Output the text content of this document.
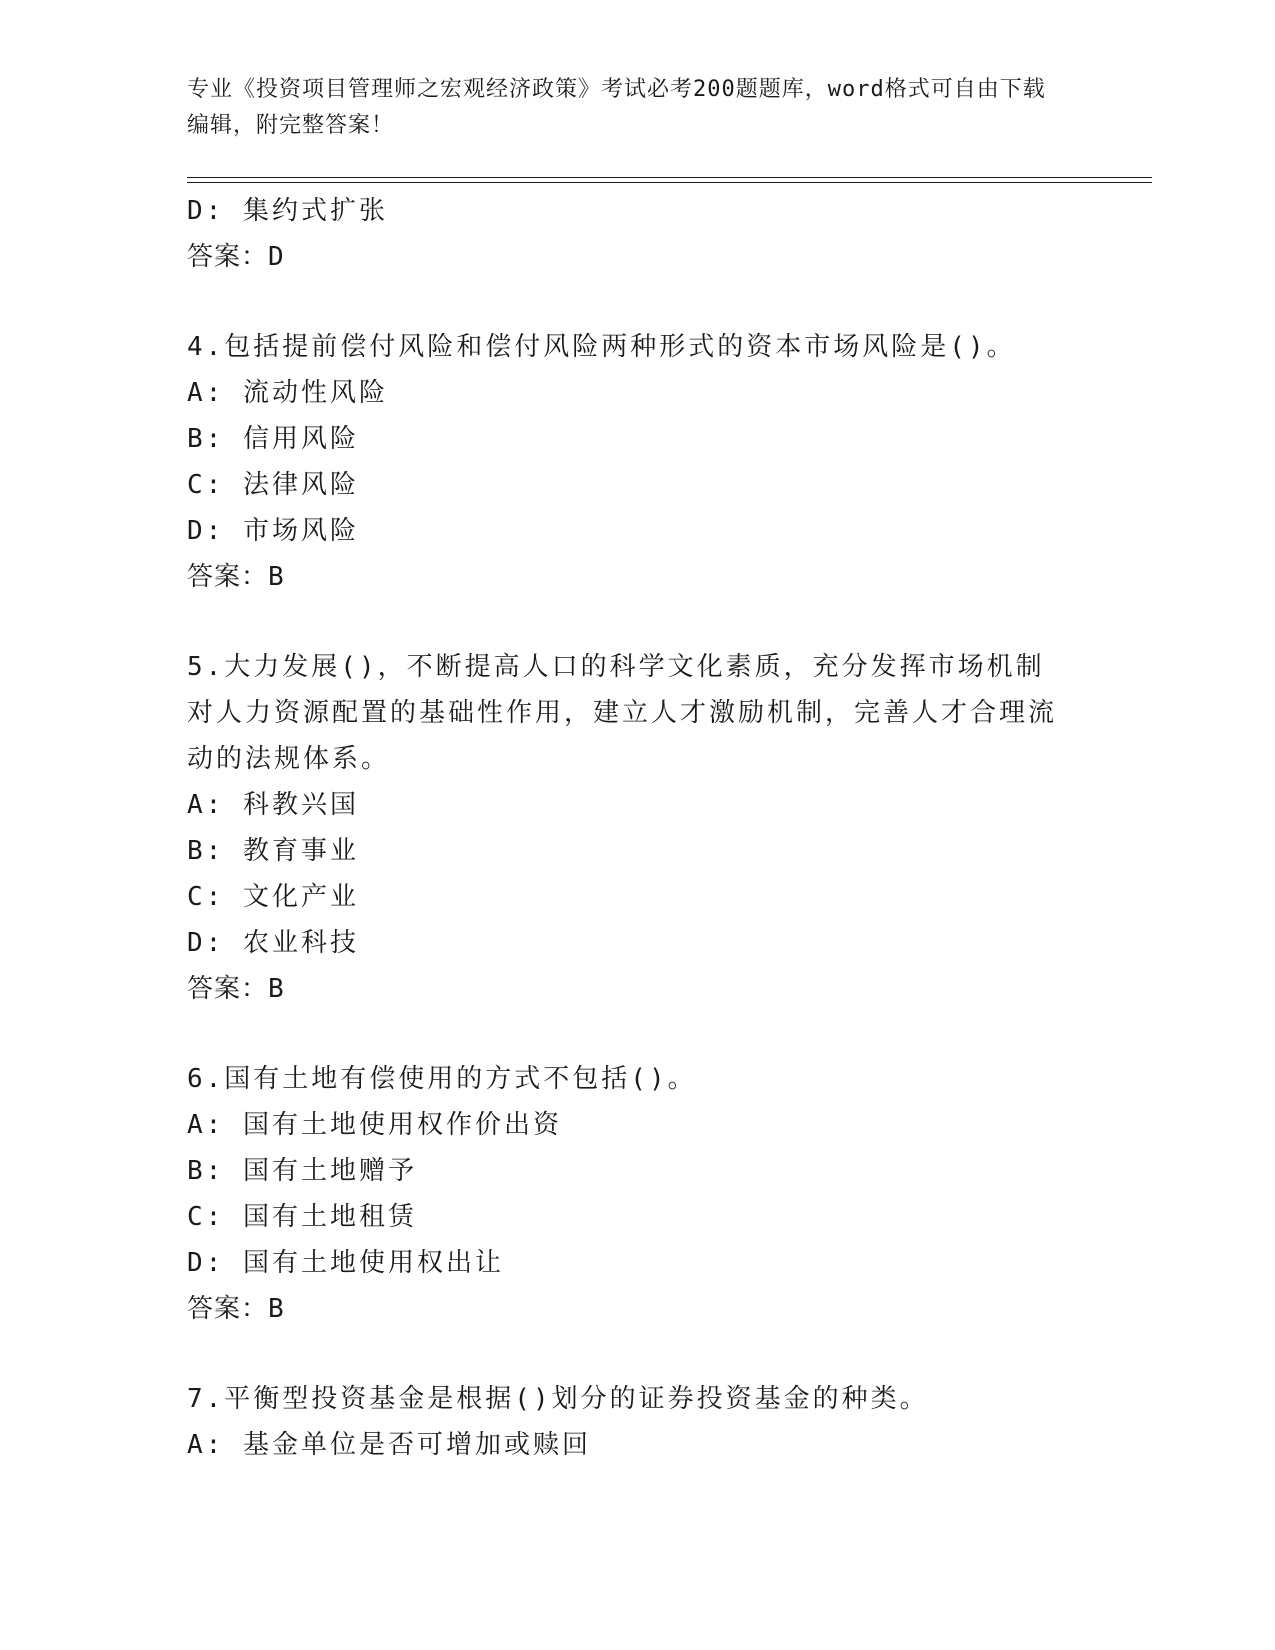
专业《投资项目管理师之宏观经济政策》考试必考200题题库，word格式可自由下载编辑，附完整答案！
D: 集约式扩张
答案：D
4.包括提前偿付风险和偿付风险两种形式的资本市场风险是()。
A: 流动性风险
B: 信用风险
C: 法律风险
D: 市场风险
答案：B
5.大力发展()，不断提高人口的科学文化素质，充分发挥市场机制对人力资源配置的基础性作用，建立人才激励机制，完善人才合理流动的法规体系。
A: 科教兴国
B: 教育事业
C: 文化产业
D: 农业科技
答案：B
6.国有土地有偿使用的方式不包括()。
A: 国有土地使用权作价出资
B: 国有土地赠予
C: 国有土地租赁
D: 国有土地使用权出让
答案：B
7.平衡型投资基金是根据()划分的证券投资基金的种类。
A: 基金单位是否可增加或赎回
